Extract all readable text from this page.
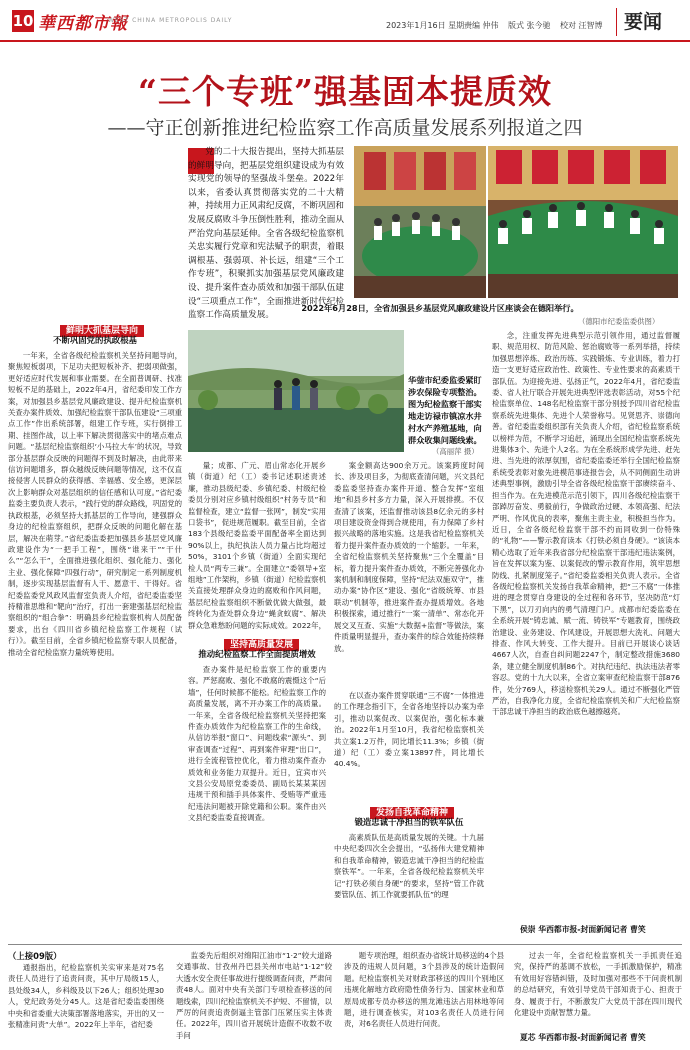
10 華西都市報
WEST CHINA METROPOLIS DAILY
2023年1月16日 星期一
责编 仲伟 版式 张今驰 校对 汪智博 要闻
“三个专班”强基固本提质效
——守正创新推进纪检监察工作高质量发展系列报道之四

党的二十大报告提出，坚持大抓基层的鲜明导向，把基层党组织建设成为有效实现党的领导的坚强战斗堡垒。2022年以来，省委认真贯彻落实党的二十大精神，持续用力正风肃纪反腐，不断巩固和发展反腐败斗争压倒性胜利，推动全面从严治党向基层延伸。全省各级纪检监察机关忠实履行党章和宪法赋予的职责，着眼调根基、强弱项、补长远，组建“三个工作专班”，积聚抓实加强基层党风廉政建设、提升案件查办质效和加强干部队伍建设“三项重点工作”，全面推进新时代纪检监察工作高质量发展。

2022年6月28日，全省加强县乡基层党风廉政建设片区座谈会在德阳举行。
（德阳市纪委监委供图）
鲜明大抓基层导向
不断巩固党的执政根基

一年来，全省各级纪检监察机关坚持问题导向，聚焦短板弱项，下足功夫把短板补齐、把弱项做强，更好适应时代发展和事业需要。在全面普调研、找准短板不足的基础上，2022年4月，省纪委印发工作方案，对加强县乡基层党风廉政建设、提升纪检监察机关查办案件质效、加强纪检监察干部队伍建设“三项重点工作”作出系统部署，组建工作专班，实行倒排工期、挂图作战，以上率下解决贯彻落实中的堵点难点问题。“基层纪检监察组织‘小马拉大车’的状况，导致部分基层群众反映的问题得不到及时解决，由此带来信访问题增多，群众越级反映问题等情况，这不仅直接侵害人民群众的获得感、幸福感、安全感，更深层次上影响群众对基层组织的信任感和认可度。”省纪委监委主要负责人表示，“践行党的群众路线，巩固党的执政根基，必须坚持大抓基层的工作导向，建强群众身边的纪检监察组织，把群众反映的问题化解在基层，解决在萌芽。”省纪委监委把加强县乡基层党风廉政建设作为“一把手工程”，围绕“谁来干”“干什么”“怎么干”，全面推进强化组织、强化能力、强化主业、强化保障“四强行动”，研究制定一系列制度机制，逐步实现基层监督有人干、愿意干、干得好。省纪委监委党风政风监督室负责人介绍，省纪委监委坚持精准思维和“靶向”治疗，打出一套建强基层纪检监察组织的“组合拳”：明确县乡纪检监察机构人员配备要求，出台《四川省乡镇纪检监察工作规程（试行）》。截至目前，全省乡镇纪检监察专职人员配备，推动全省纪检监察力量统筹使用。

华蓥市纪委监委紧盯涉农保险专项整治。图为纪检监察干部实地走访禄市镇凉水井村水产养殖基地，向群众收集问题线索。
（高丽萍 摄）

量；成都、广元、眉山常态化开展乡镇（街道）纪（工）委书记述职述责述廉，推动县级纪委、乡镇纪委、村级纪检委员分别对应乡镇村级组织“村务专员”和监督检查，建立“监督一张网”，制发“实用口袋书”，促进规范履职。截至目前，全省183个县级纪委监委平面配备率全面达到90%以上，执纪执法人员力量占比均超过50%，3101个乡镇（街道）全面实现纪检人员“两专三兼”。全面建立“委领导+室组地”工作架构，乡镇（街道）纪检监察机关直接处理群众身边的腐败和作风问题，基层纪检监察组织不断做优做大做强，最终转化为查处群众身边“蝇贪蚁腐”、解决群众急难愁盼问题的实际成效。2022年，

坚持高质量发展
推动纪检监察工作全面提质增效

查办案件是纪检监察工作的重要内容。严惩腐败、强化不敢腐的震慑这个“后墙”，任何时候都不能松。纪检监察工作的高质量发展，离不开办案工作的高质量。一年来，全省各级纪检监察机关坚持把案件查办质效作为纪检监察工作的生命线，从信访举报“窗口”、问题线索“源头”、到审查调查“过程”、再到案件审理“出口”，进行全流程管控优化，着力推动案件查办质效和业务能力双提升。近日，宜宾市兴文县公安局原党委委员、副局长某某某因违规干预和插手具体案件、受贿等严重违纪违法问题被开除党籍和公职。案件由兴文县纪委监委直接调查。

案金额高达900余万元。该案跨度时间长、涉及项目多，为彻底查清问题，兴文县纪委监委坚持查办案件开道、整合发挥“室组地”和县乡村多方力量，深入开展排摸。不仅查清了该案，还监督推动该县8亿余元的多村项目建设资金得到合规使用，有力保障了乡村振兴战略的落地实施。这是我省纪检监察机关着力提升案件查办质效的一个缩影。一年来，全省纪检监察机关坚持聚焦“三个全覆盖”目标，着力提升案件查办质效，不断完善强化办案机制和制度保障，坚持“纪法双施双守”，推动办案“协作区”建设、强化“省级统筹、市县联动”机制等，推进案件查办提质增效。各地积极探索，通过推行“一案一清单”、常态化开展交叉互查、实施“大数据+监督”等做法，案件质量明显提升，查办案件的综合效能持续释放。

在以查办案件贯穿联通“三不腐”一体推进的工作理念指引下，全省各地坚持以办案为牵引，推动以案促改、以案促治，强化标本兼治。2022年1月至10月，我省纪检监察机关共立案1.2万件，同比增长11.3%；乡镇（街道）纪（工）委立案13897件，同比增长40.4%。

发扬自我革命精神
锻造忠诚干净担当的铁军队伍

高素质队伍是高质量发展的关键。十九届中央纪委四次全会提出，“弘扬伟大建党精神和自我革命精神，锻造忠诚干净担当的纪检监察铁军”。一年来，全省各级纪检监察机关牢记“打铁必须自身硬”的要求，坚持“管工作就要管队伍、抓工作就要抓队伍”的理

念，注重发挥先进典型示范引领作用，通过监督履职、规范用权、防范风险、惩治腐败等一系列举措，持续加强思想淬炼、政治历练、实践锻炼、专业训练，着力打造一支更好适应政治性、政策性、专业性要求的高素质干部队伍。为迎接先进、弘扬正气，2022年4月，省纪委监委、省人社厅联合开展先进典型评选表彰活动，对55个纪检监察单位、148名纪检监察干部分别授予四川省纪检监察系统先进集体、先进个人荣誉称号。见贤思齐、崇德向善。省纪委监委组织部有关负责人介绍，省纪检监察系统以榜样为范，不断学习追赶，涌现出全国纪检监察系统先进集体3个、先进个人2名。为在全系统形成学先进、赶先进、当先进的浓厚氛围，省纪委监委还举行全国纪检监察系统受表彰对象先进模范事迹报告会，从不同侧面生动讲述典型事例，激励引导全省各级纪检监察干部赓续奋斗、担当作为。在先进模范示范引领下，四川各级纪检监察干部踔厉奋发、勇毅前行，争做政治过硬、本领高强、纪法严明、作风优良的表率，聚焦主责主业，积极担当作为。近日，全省各级纪检监察干部不约而同收到一份特殊的“礼物”——警示教育读本《打铁必须自身硬》。“该读本精心选取了近年来我省部分纪检监察干部违纪违法案例，旨在发挥以案为鉴、以案促改的警示教育作用，筑牢思想防线、扎紧制度笼子。”省纪委监委相关负责人表示。全省各级纪检监察机关发扬自我革命精神，把“三不腐”一体推进的理念贯穿自身建设的全过程和各环节，坚决防范“灯下黑”，以刀刃向内的勇气清理门户。成都市纪委监委在全系统开展“铸忠诚、赋一流、铸铁军”专题教育，围绕政治建设、业务建设、作风建设，开展思想大洗礼、问题大排查、作风大转变、工作大提升。目前已开展谈心谈话4667人次，自查自纠问题2247个，制定整改措施3680条，建立健全制度机制86个。对执纪违纪、执法违法者零容忍。党的十九大以来，全省立案审查纪检监察干部876件，处分769人，移送检察机关29人。通过不断强化严管严治，自我净化力度，全省纪检监察机关和广大纪检监察干部忠诚干净担当的政治底色越擦越亮。

侯崇 华西都市报-封面新闻记者 曹笑
（上接09版）

通报指出，纪检监察机关实审来是对75名责任人员进行了追责问责，其中厅局级15人，县处级34人，乡科级及以下26人；组织处理30人，党纪政务处分45人。这是省纪委监委围绕中央和省委重大决策部署落地落实，开出的又一张精准问责“大单”。2022年上半年，省纪委

监委先后组织对绵阳江油市“1·2”较大道路交通事故、甘孜州丹巴县关州市电站“1·12”较大透水安全责任事故进行提级调查问责，严肃问责48人。面对中央有关部门专项检查移送的问题线索，四川纪检监察机关不护短、不留情，以严厉的问责追责倒逼主管部门压紧压实主体责任。2022年，四川省开展统计造假不收数不收手问

题专项治理，组织查办省统计局移送的4个县涉及的违规人员问题，3个县涉及的统计造假问题。纪检监察机关对财政部移送的四川个别地区违规化解地方政府隐性债务行为、国家林业和草原局成都专员办移送的黑龙滩违法占用林地等问题，进行调查核实，对103名责任人员进行问责，对6名责任人员进行问责。

过去一年，全省纪检监察机关一手抓责任追究，保持严的基调不放松，一手抓激励保护，精准有效用好容错纠错，及时加强对那些不干问责机制的总结研究，有效引导党员干部知责于心、担责于身、履责于行，不断激发广大党员干部在四川现代化建设中贡献智慧力量。

夏芯 华西都市报-封面新闻记者 曹笑
